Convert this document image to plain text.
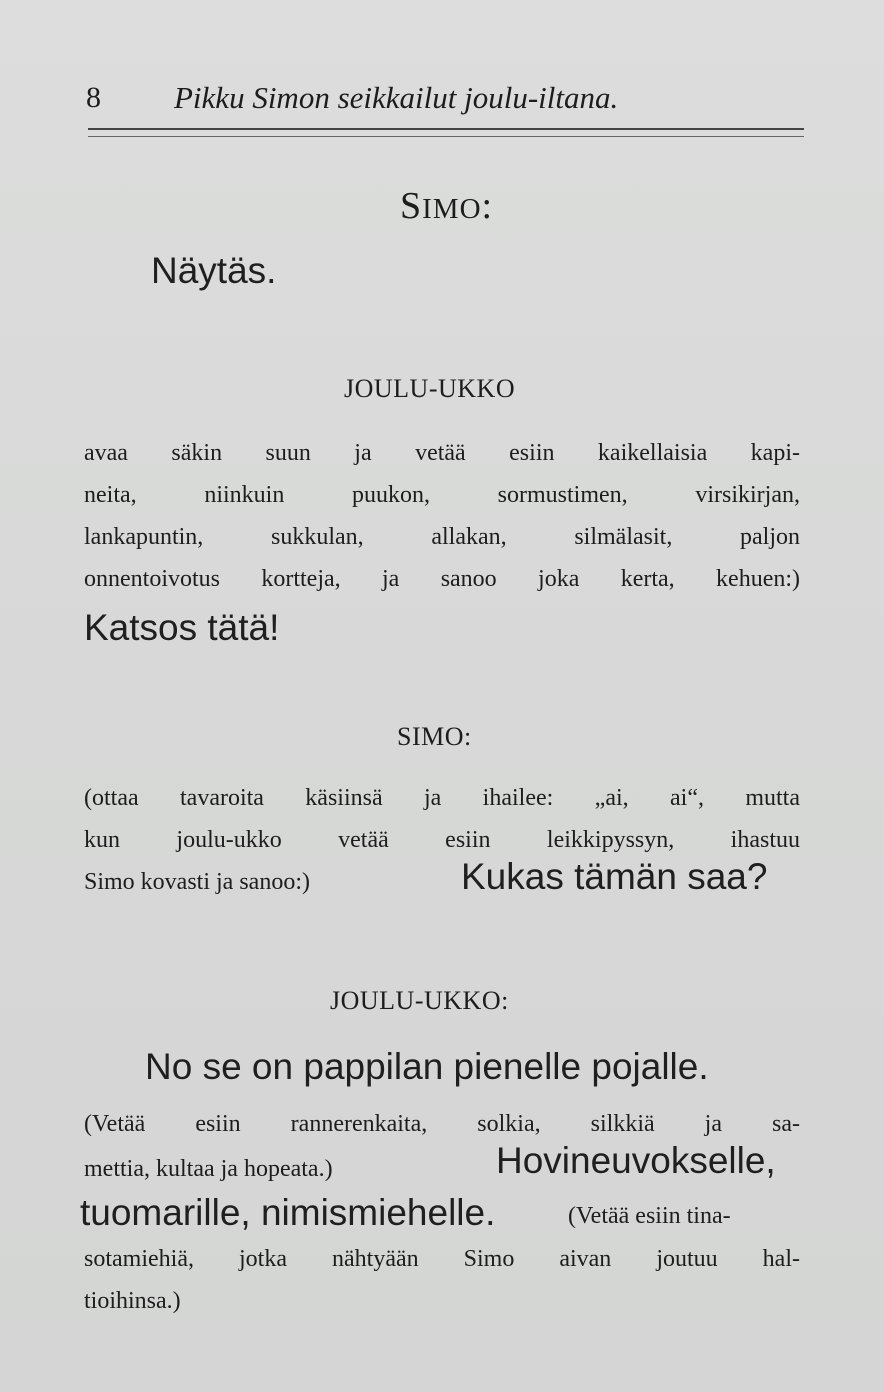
8 Pikku Simon seikkailut joulu-iltana.
SIMO:
Näytäs.
JOULU-UKKO
avaa säkin suun ja vetää esiin kaikellaisia kapi-
neita, niinkuin puukon, sormustimen, virsikirjan,
lankapuntin, sukkulan, allakan, silmälasit, paljon
onnentoivotus kortteja, ja sanoo joka kerta, kehuen:)
Katsos tätä!
SIMO:
(ottaa tavaroita käsiinsä ja ihailee: „ai, ai“, mutta
kun joulu-ukko vetää esiin leikkipyssyn, ihastuu
Simo kovasti ja sanoo:)	Kukas tämän saa?
JOULU-UKKO:
No se on pappilan pienelle pojalle.
(Vetää esiin rannerenkaita, solkia, silkkiä ja sa-
mettia, kultaa ja hopeata.)	Hovineuvokselle,
tuomarille, nimismiehelle.	(Vetää esiin tina-
sotamiehiä, jotka nähtyään Simo aivan joutuu hal-
tioihinsa.)
